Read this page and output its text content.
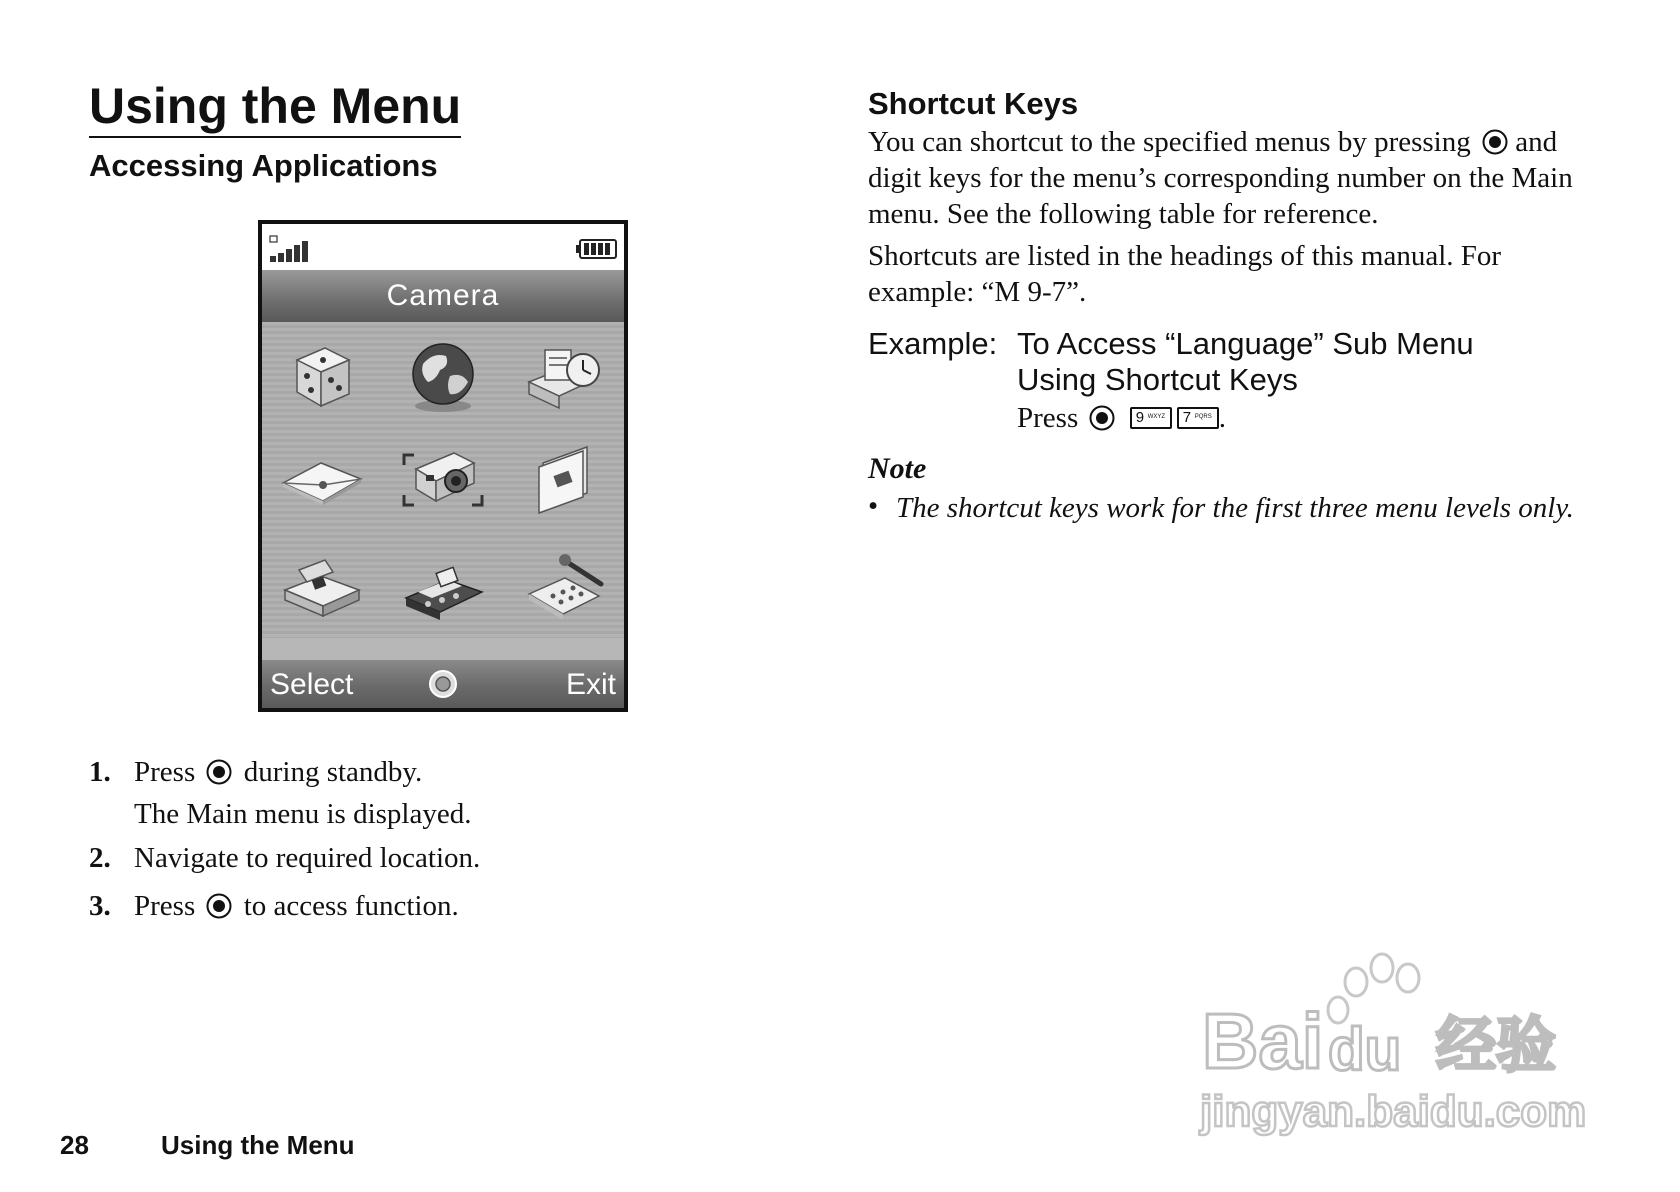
Using the Menu
Accessing Applications
Camera
Select	Exit
1. Press during standby.
The Main menu is displayed.
2. Navigate to required location.
3. Press to access function.
Shortcut Keys

You can shortcut to the specified menus by pressing and digit keys for the menu’s corresponding number on the Main menu. See the following table for reference.

Shortcuts are listed in the headings of this manual. For example: “M 9-7”.

Example: To Access “Language” Sub Menu
Using Shortcut Keys
Press	9 WXYZ 7 PQRS .
Note
• The shortcut keys work for the first three menu levels only.
28	Using the Menu
Bai du 经验
jingyan.baidu.com
